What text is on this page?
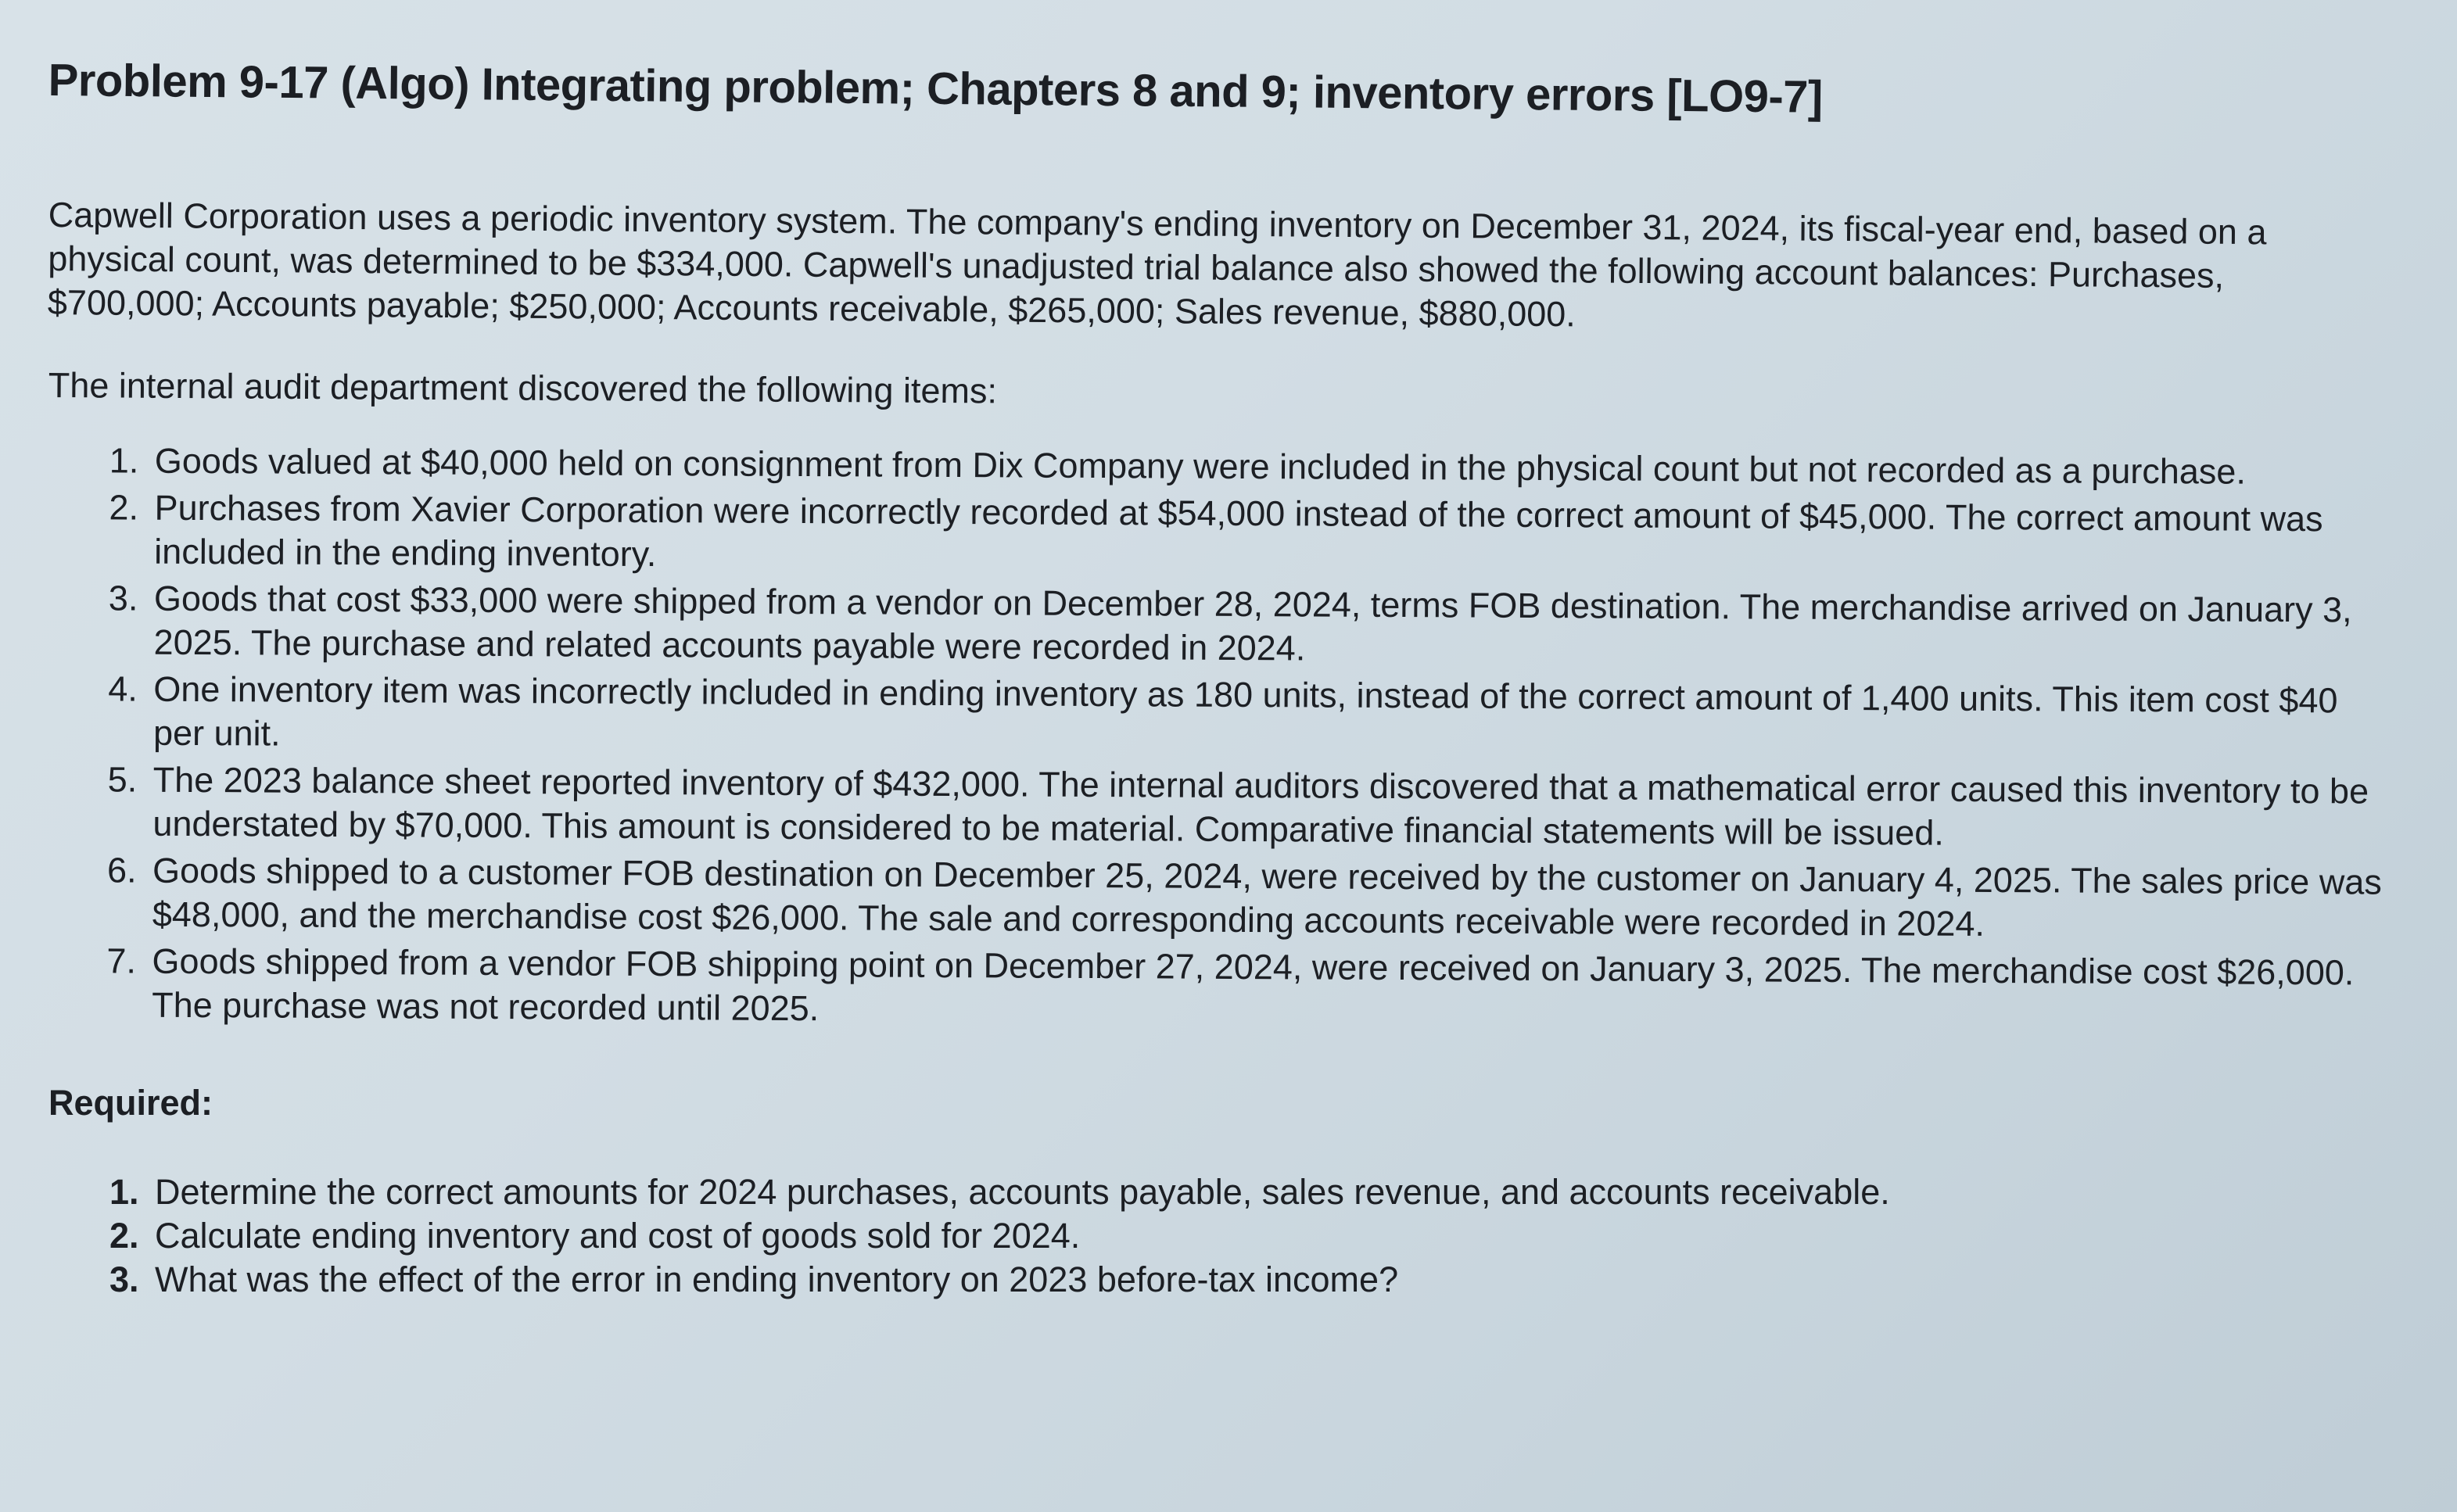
Problem 9-17 (Algo) Integrating problem; Chapters 8 and 9; inventory errors [LO9-7]

Capwell Corporation uses a periodic inventory system. The company's ending inventory on December 31, 2024, its fiscal-year end, based on a physical count, was determined to be $334,000. Capwell's unadjusted trial balance also showed the following account balances: Purchases, $700,000; Accounts payable; $250,000; Accounts receivable, $265,000; Sales revenue, $880,000.

The internal audit department discovered the following items:

1. Goods valued at $40,000 held on consignment from Dix Company were included in the physical count but not recorded as a purchase.
2. Purchases from Xavier Corporation were incorrectly recorded at $54,000 instead of the correct amount of $45,000. The correct amount was included in the ending inventory.
3. Goods that cost $33,000 were shipped from a vendor on December 28, 2024, terms FOB destination. The merchandise arrived on January 3, 2025. The purchase and related accounts payable were recorded in 2024.
4. One inventory item was incorrectly included in ending inventory as 180 units, instead of the correct amount of 1,400 units. This item cost $40 per unit.
5. The 2023 balance sheet reported inventory of $432,000. The internal auditors discovered that a mathematical error caused this inventory to be understated by $70,000. This amount is considered to be material. Comparative financial statements will be issued.
6. Goods shipped to a customer FOB destination on December 25, 2024, were received by the customer on January 4, 2025. The sales price was $48,000, and the merchandise cost $26,000. The sale and corresponding accounts receivable were recorded in 2024.
7. Goods shipped from a vendor FOB shipping point on December 27, 2024, were received on January 3, 2025. The merchandise cost $26,000. The purchase was not recorded until 2025.
Required:
1. Determine the correct amounts for 2024 purchases, accounts payable, sales revenue, and accounts receivable.
2. Calculate ending inventory and cost of goods sold for 2024.
3. What was the effect of the error in ending inventory on 2023 before-tax income?
